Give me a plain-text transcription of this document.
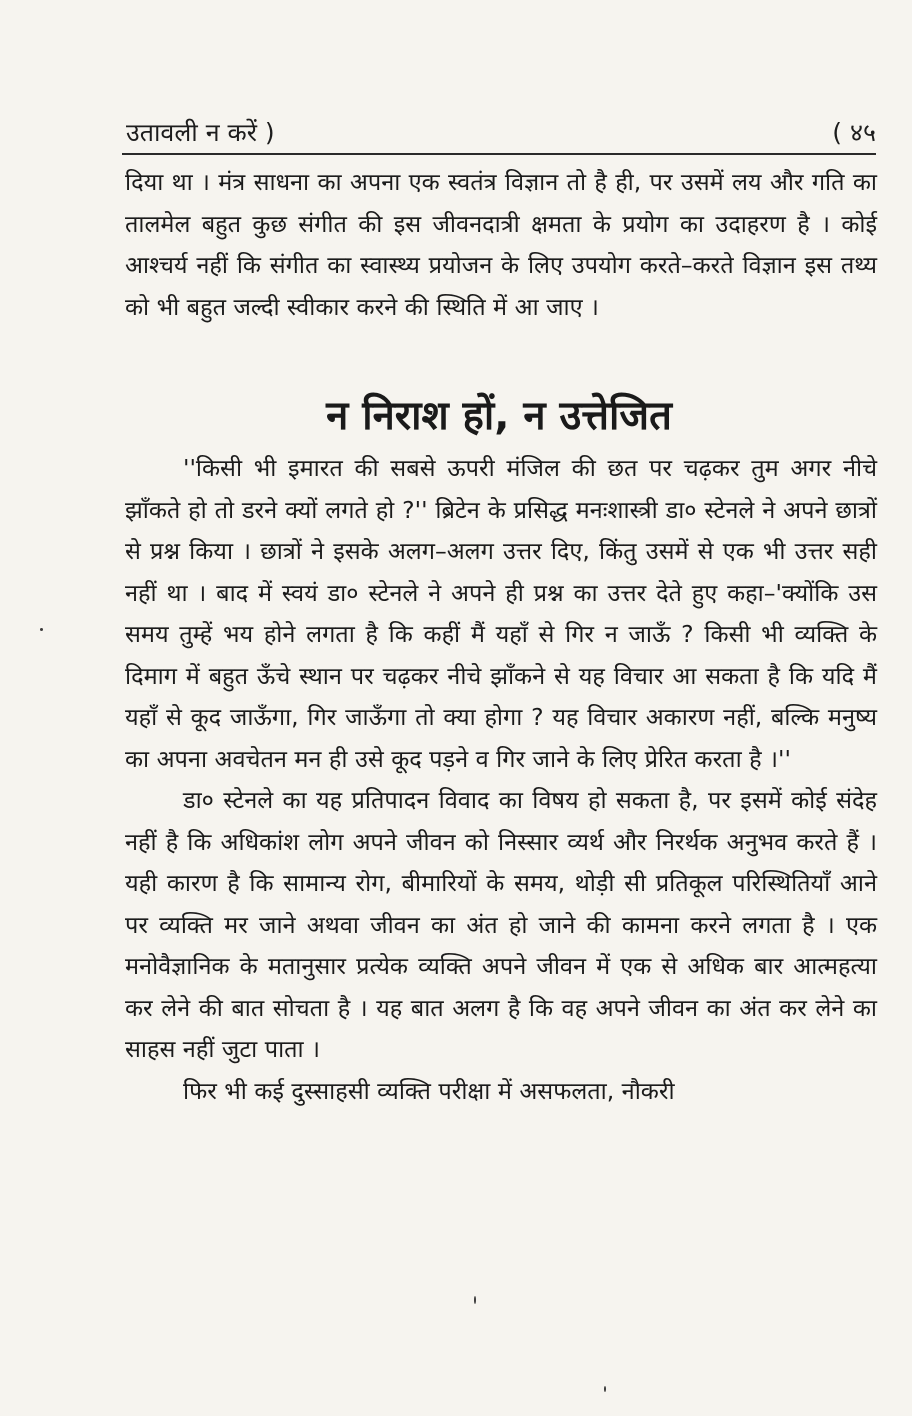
उतावली न करें )	( ४५

दिया था । मंत्र साधना का अपना एक स्वतंत्र विज्ञान तो है ही, पर उसमें लय और गति का तालमेल बहुत कुछ संगीत की इस जीवनदात्री क्षमता के प्रयोग का उदाहरण है । कोई आश्चर्य नहीं कि संगीत का स्वास्थ्य प्रयोजन के लिए उपयोग करते–करते विज्ञान इस तथ्य को भी बहुत जल्दी स्वीकार करने की स्थिति में आ जाए ।

न निराश हों, न उत्तेजित

''किसी भी इमारत की सबसे ऊपरी मंजिल की छत पर चढ़कर तुम अगर नीचे झाँकते हो तो डरने क्यों लगते हो ?'' ब्रिटेन के प्रसिद्ध मनःशास्त्री डा० स्टेनले ने अपने छात्रों से प्रश्न किया । छात्रों ने इसके अलग–अलग उत्तर दिए, किंतु उसमें से एक भी उत्तर सही नहीं था । बाद में स्वयं डा० स्टेनले ने अपने ही प्रश्न का उत्तर देते हुए कहा–'क्योंकि उस समय तुम्हें भय होने लगता है कि कहीं मैं यहाँ से गिर न जाऊँ ? किसी भी व्यक्ति के दिमाग में बहुत ऊँचे स्थान पर चढ़कर नीचे झाँकने से यह विचार आ सकता है कि यदि मैं यहाँ से कूद जाऊँगा, गिर जाऊँगा तो क्या होगा ? यह विचार अकारण नहीं, बल्कि मनुष्य का अपना अवचेतन मन ही उसे कूद पड़ने व गिर जाने के लिए प्रेरित करता है ।''

डा० स्टेनले का यह प्रतिपादन विवाद का विषय हो सकता है, पर इसमें कोई संदेह नहीं है कि अधिकांश लोग अपने जीवन को निस्सार व्यर्थ और निरर्थक अनुभव करते हैं । यही कारण है कि सामान्य रोग, बीमारियों के समय, थोड़ी सी प्रतिकूल परिस्थितियाँ आने पर व्यक्ति मर जाने अथवा जीवन का अंत हो जाने की कामना करने लगता है । एक मनोवैज्ञानिक के मतानुसार प्रत्येक व्यक्ति अपने जीवन में एक से अधिक बार आत्महत्या कर लेने की बात सोचता है । यह बात अलग है कि वह अपने जीवन का अंत कर लेने का साहस नहीं जुटा पाता ।

फिर भी कई दुस्साहसी व्यक्ति परीक्षा में असफलता, नौकरी
